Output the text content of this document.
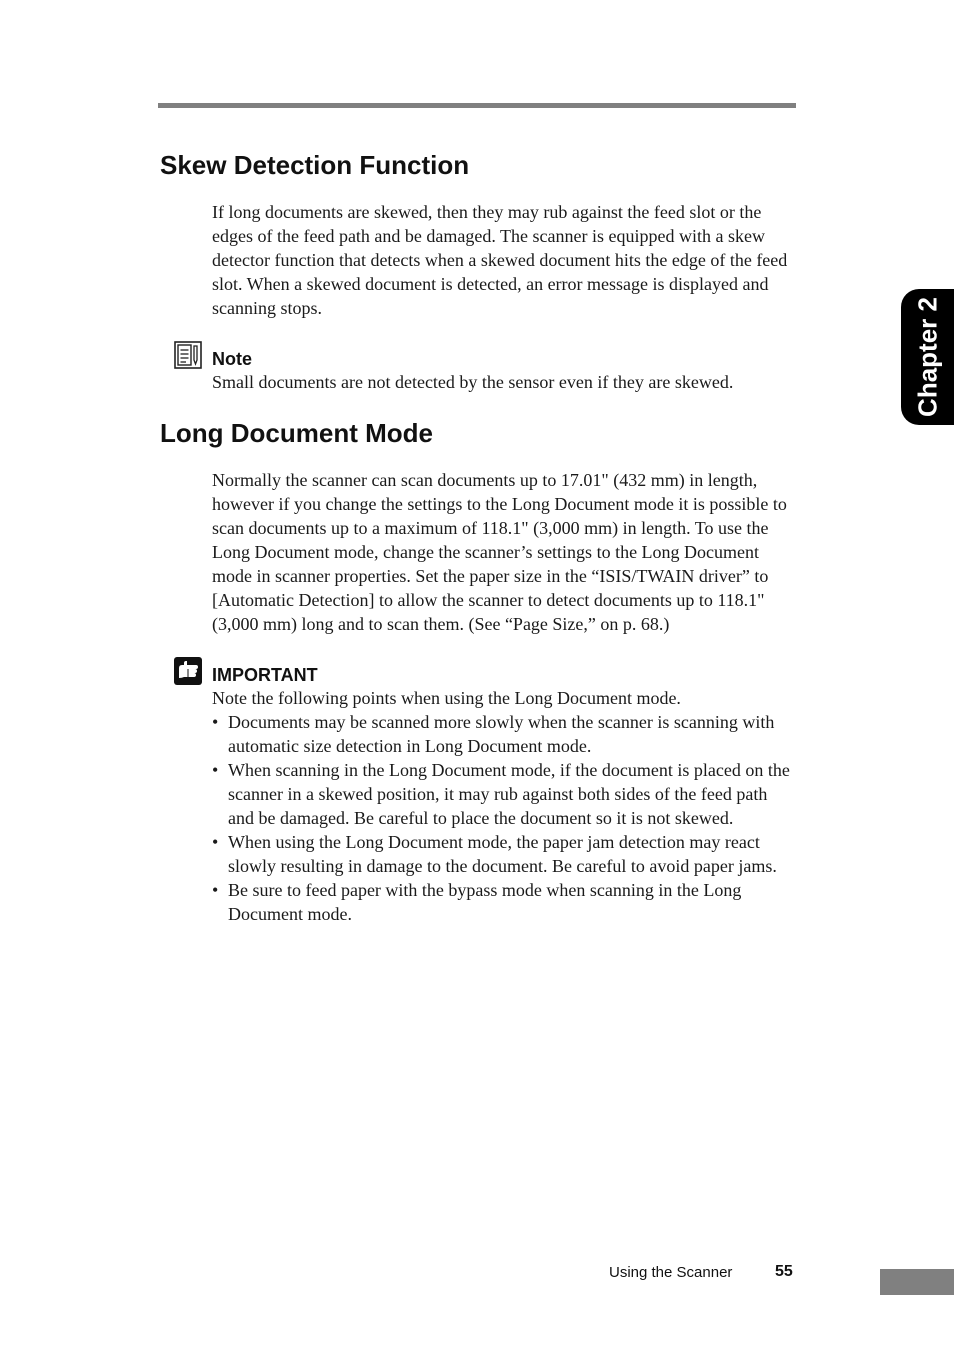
Skew Detection Function

If long documents are skewed, then they may rub against the feed slot or the edges of the feed path and be damaged. The scanner is equipped with a skew detector function that detects when a skewed document hits the edge of the feed slot. When a skewed document is detected, an error message is displayed and scanning stops.

Note

Small documents are not detected by the sensor even if they are skewed.

Long Document Mode

Normally the scanner can scan documents up to 17.01" (432 mm) in length, however if you change the settings to the Long Document mode it is possible to scan documents up to a maximum of 118.1" (3,000 mm) in length. To use the Long Document mode, change the scanner’s settings to the Long Document mode in scanner properties. Set the paper size in the “ISIS/TWAIN driver” to [Automatic Detection] to allow the scanner to detect documents up to 118.1" (3,000 mm) long and to scan them. (See “Page Size,” on p. 68.)

IMPORTANT

Note the following points when using the Long Document mode.

• Documents may be scanned more slowly when the scanner is scanning with automatic size detection in Long Document mode.
• When scanning in the Long Document mode, if the document is placed on the scanner in a skewed position, it may rub against both sides of the feed path and be damaged. Be careful to place the document so it is not skewed.
• When using the Long Document mode, the paper jam detection may react slowly resulting in damage to the document. Be careful to avoid paper jams.
• Be sure to feed paper with the bypass mode when scanning in the Long Document mode.
Chapter 2
Using the Scanner	55
